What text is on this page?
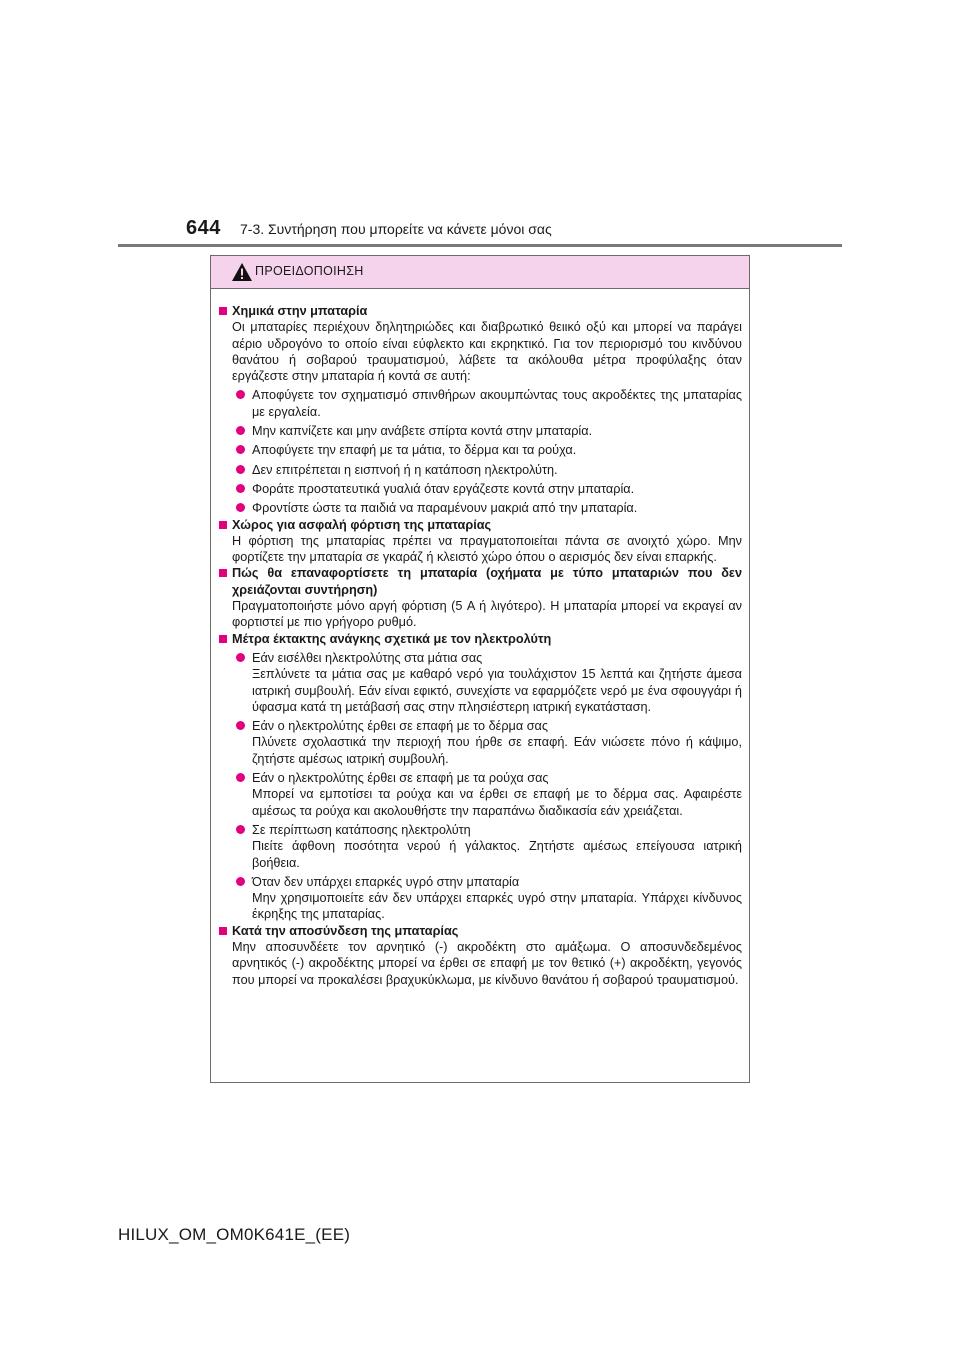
644 7-3. Συντήρηση που μπορείτε να κάνετε μόνοι σας
ΠΡΟΕΙΔΟΠΟΙΗΣΗ
Χημικά στην μπαταρία
Οι μπαταρίες περιέχουν δηλητηριώδες και διαβρωτικό θειικό οξύ και μπορεί να παράγει αέριο υδρογόνο το οποίο είναι εύφλεκτο και εκρηκτικό. Για τον περιορισμό του κινδύνου θανάτου ή σοβαρού τραυματισμού, λάβετε τα ακόλουθα μέτρα προφύλαξης όταν εργάζεστε στην μπαταρία ή κοντά σε αυτή:
Αποφύγετε τον σχηματισμό σπινθήρων ακουμπώντας τους ακροδέκτες της μπαταρίας με εργαλεία.
Μην καπνίζετε και μην ανάβετε σπίρτα κοντά στην μπαταρία.
Αποφύγετε την επαφή με τα μάτια, το δέρμα και τα ρούχα.
Δεν επιτρέπεται η εισπνοή ή η κατάποση ηλεκτρολύτη.
Φοράτε προστατευτικά γυαλιά όταν εργάζεστε κοντά στην μπαταρία.
Φροντίστε ώστε τα παιδιά να παραμένουν μακριά από την μπαταρία.
Χώρος για ασφαλή φόρτιση της μπαταρίας
Η φόρτιση της μπαταρίας πρέπει να πραγματοποιείται πάντα σε ανοιχτό χώρο. Μην φορτίζετε την μπαταρία σε γκαράζ ή κλειστό χώρο όπου ο αερισμός δεν είναι επαρκής.
Πώς θα επαναφορτίσετε τη μπαταρία (οχήματα με τύπο μπαταριών που δεν χρειάζονται συντήρηση)
Πραγματοποιήστε μόνο αργή φόρτιση (5 A ή λιγότερο). Η μπαταρία μπορεί να εκραγεί αν φορτιστεί με πιο γρήγορο ρυθμό.
Μέτρα έκτακτης ανάγκης σχετικά με τον ηλεκτρολύτη
Εάν εισέλθει ηλεκτρολύτης στα μάτια σας
Ξεπλύνετε τα μάτια σας με καθαρό νερό για τουλάχιστον 15 λεπτά και ζητήστε άμεσα ιατρική συμβουλή. Εάν είναι εφικτό, συνεχίστε να εφαρμόζετε νερό με ένα σφουγγάρι ή ύφασμα κατά τη μετάβασή σας στην πλησιέστερη ιατρική εγκατάσταση.
Εάν ο ηλεκτρολύτης έρθει σε επαφή με το δέρμα σας
Πλύνετε σχολαστικά την περιοχή που ήρθε σε επαφή. Εάν νιώσετε πόνο ή κάψιμο, ζητήστε αμέσως ιατρική συμβουλή.
Εάν ο ηλεκτρολύτης έρθει σε επαφή με τα ρούχα σας
Μπορεί να εμποτίσει τα ρούχα και να έρθει σε επαφή με το δέρμα σας. Αφαιρέστε αμέσως τα ρούχα και ακολουθήστε την παραπάνω διαδικασία εάν χρειάζεται.
Σε περίπτωση κατάποσης ηλεκτρολύτη
Πιείτε άφθονη ποσότητα νερού ή γάλακτος. Ζητήστε αμέσως επείγουσα ιατρική βοήθεια.
Όταν δεν υπάρχει επαρκές υγρό στην μπαταρία
Μην χρησιμοποιείτε εάν δεν υπάρχει επαρκές υγρό στην μπαταρία. Υπάρχει κίνδυνος έκρηξης της μπαταρίας.
Κατά την αποσύνδεση της μπαταρίας
Μην αποσυνδέετε τον αρνητικό (-) ακροδέκτη στο αμάξωμα. Ο αποσυνδεδεμένος αρνητικός (-) ακροδέκτης μπορεί να έρθει σε επαφή με τον θετικό (+) ακροδέκτη, γεγονός που μπορεί να προκαλέσει βραχυκύκλωμα, με κίνδυνο θανάτου ή σοβαρού τραυματισμού.
HILUX_OM_OM0K641E_(EE)
